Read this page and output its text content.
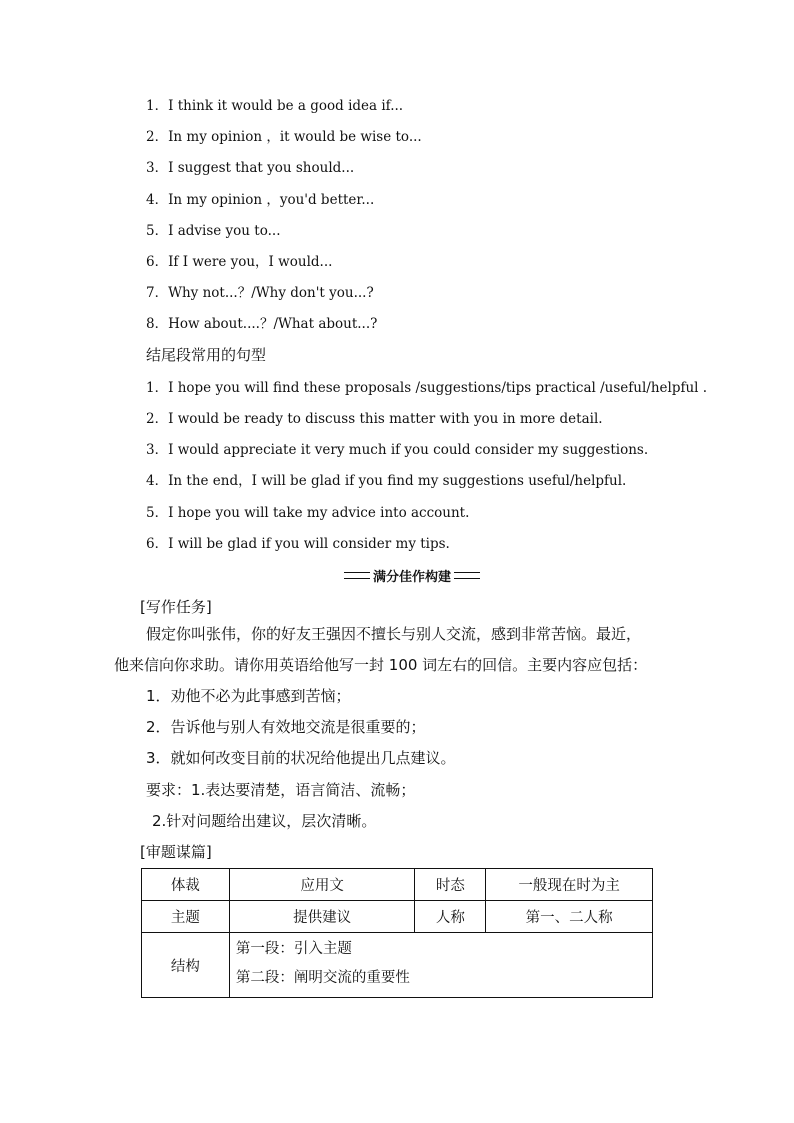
1．I think it would be a good idea if...
2．In my opinion ，it would be wise to...
3．I suggest that you should...
4．In my opinion ，you'd better...
5．I advise you to...
6．If I were you，I would...
7．Why not...？/Why don't you...?
8．How about....？/What about...?
结尾段常用的句型
1．I hope you will find these proposals /suggestions/tips practical /useful/helpful .
2．I would be ready to discuss this matter with you in more detail.
3．I would appreciate it very much if you could consider my suggestions.
4．In the end，I will be glad if you find my suggestions useful/helpful.
5．I hope you will take my advice into account.
6．I will be glad if you will consider my tips.
满分佳作构建
[写作任务]
假定你叫张伟，你的好友王强因不擅长与别人交流，感到非常苦恼。最近，
他来信向你求助。请你用英语给他写一封 100 词左右的回信。主要内容应包括：
1．劝他不必为此事感到苦恼；
2．告诉他与别人有效地交流是很重要的；
3．就如何改变目前的状况给他提出几点建议。
要求：1.表达要清楚，语言简洁、流畅；
2.针对问题给出建议，层次清晰。
[审题谋篇]
体裁	应用文	时态	一般现在时为主
主题	提供建议	人称	第一、二人称
结构	第一段：引入主题
第二段：阐明交流的重要性		
